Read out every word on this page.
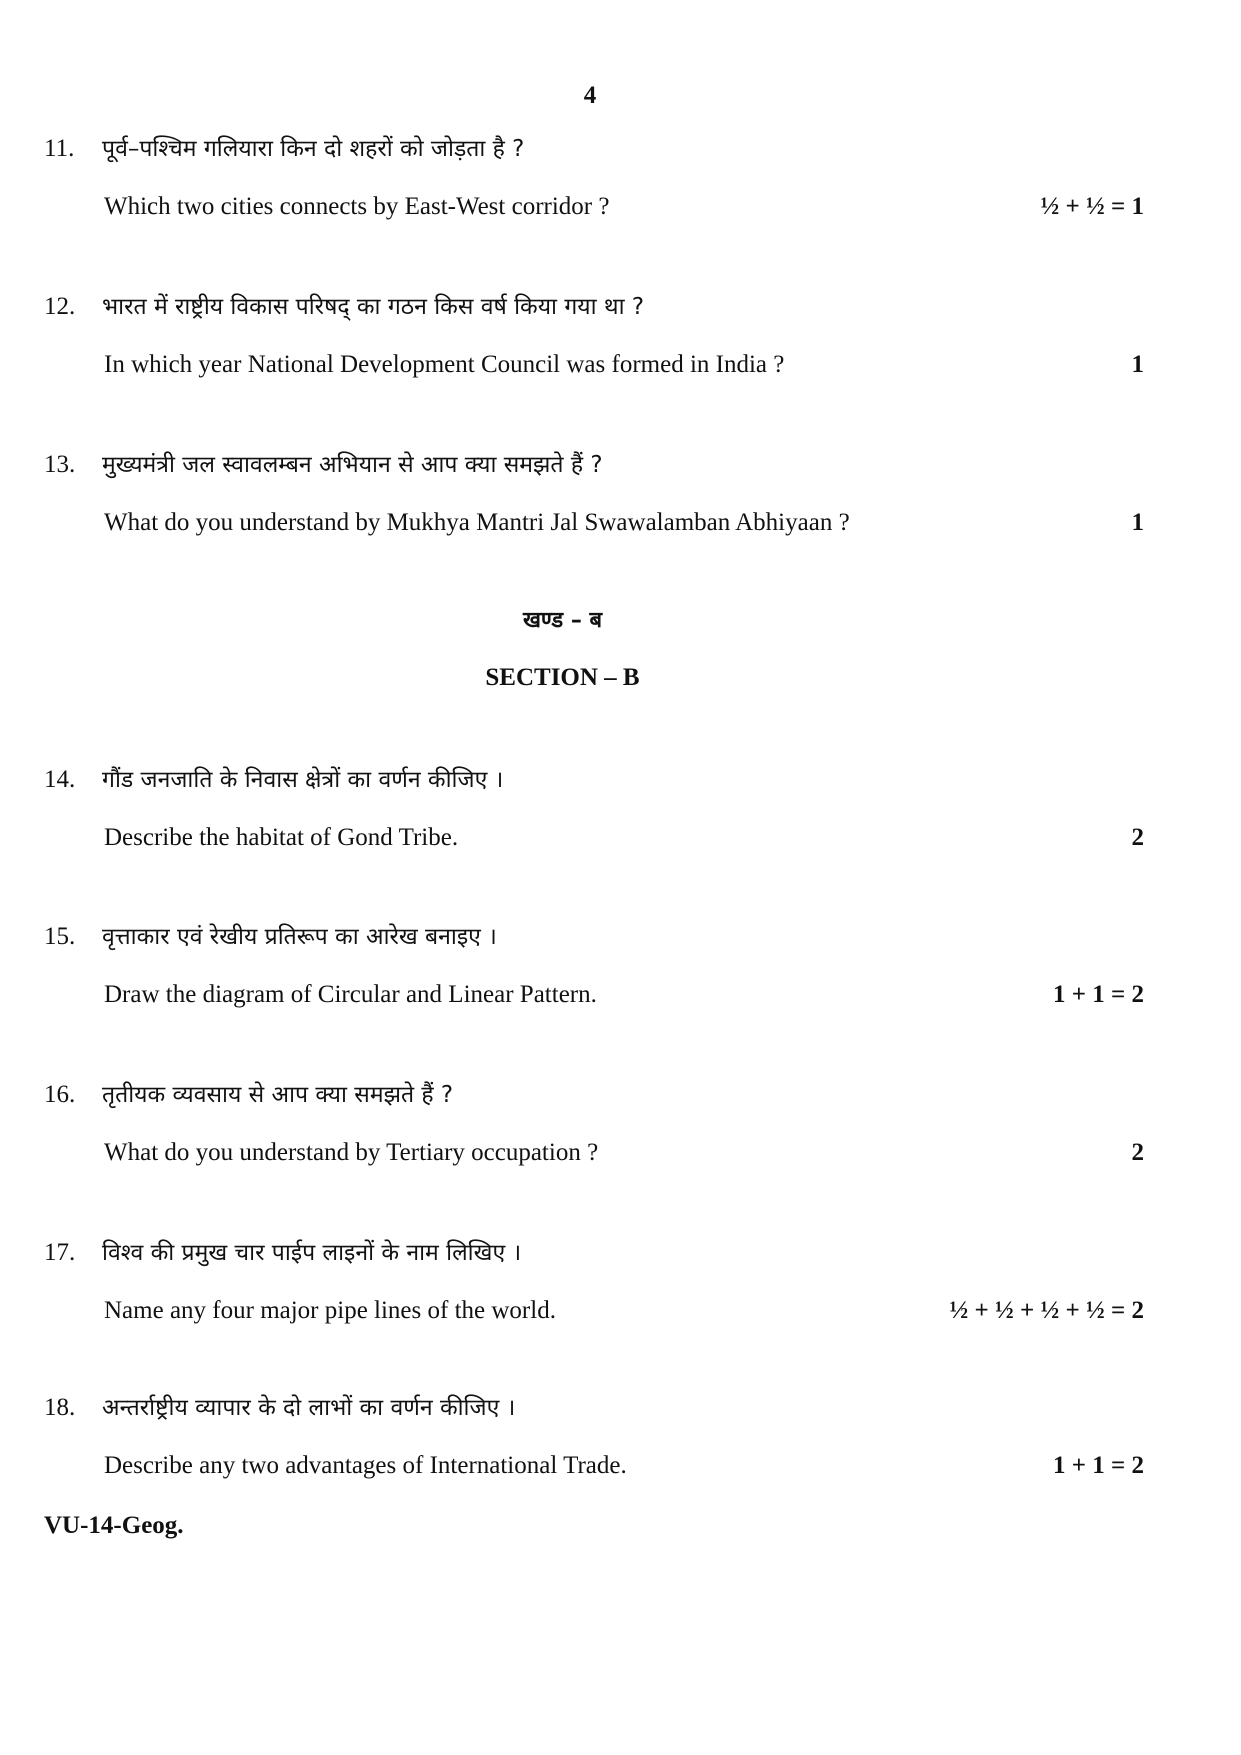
4
11. पूर्व–पश्चिम गलियारा किन दो शहरों को जोड़ता है ?
Which two cities connects by East-West corridor ?	½ + ½ = 1
12. भारत में राष्ट्रीय विकास परिषद् का गठन किस वर्ष किया गया था ?
In which year National Development Council was formed in India ?	1
13. मुख्यमंत्री जल स्वावलम्बन अभियान से आप क्या समझते हैं ?
What do you understand by Mukhya Mantri Jal Swawalamban Abhiyaan ?	1
खण्ड – ब
SECTION – B
14. गौंड जनजाति के निवास क्षेत्रों का वर्णन कीजिए ।
Describe the habitat of Gond Tribe.	2
15. वृत्ताकार एवं रेखीय प्रतिरूप का आरेख बनाइए ।
Draw the diagram of Circular and Linear Pattern.	1 + 1 = 2
16. तृतीयक व्यवसाय से आप क्या समझते हैं ?
What do you understand by Tertiary occupation ?	2
17. विश्व की प्रमुख चार पाईप लाइनों के नाम लिखिए ।
Name any four major pipe lines of the world.	½ + ½ + ½ + ½ = 2
18. अन्तर्राष्ट्रीय व्यापार के दो लाभों का वर्णन कीजिए ।
Describe any two advantages of International Trade.	1 + 1 = 2
VU-14-Geog.
